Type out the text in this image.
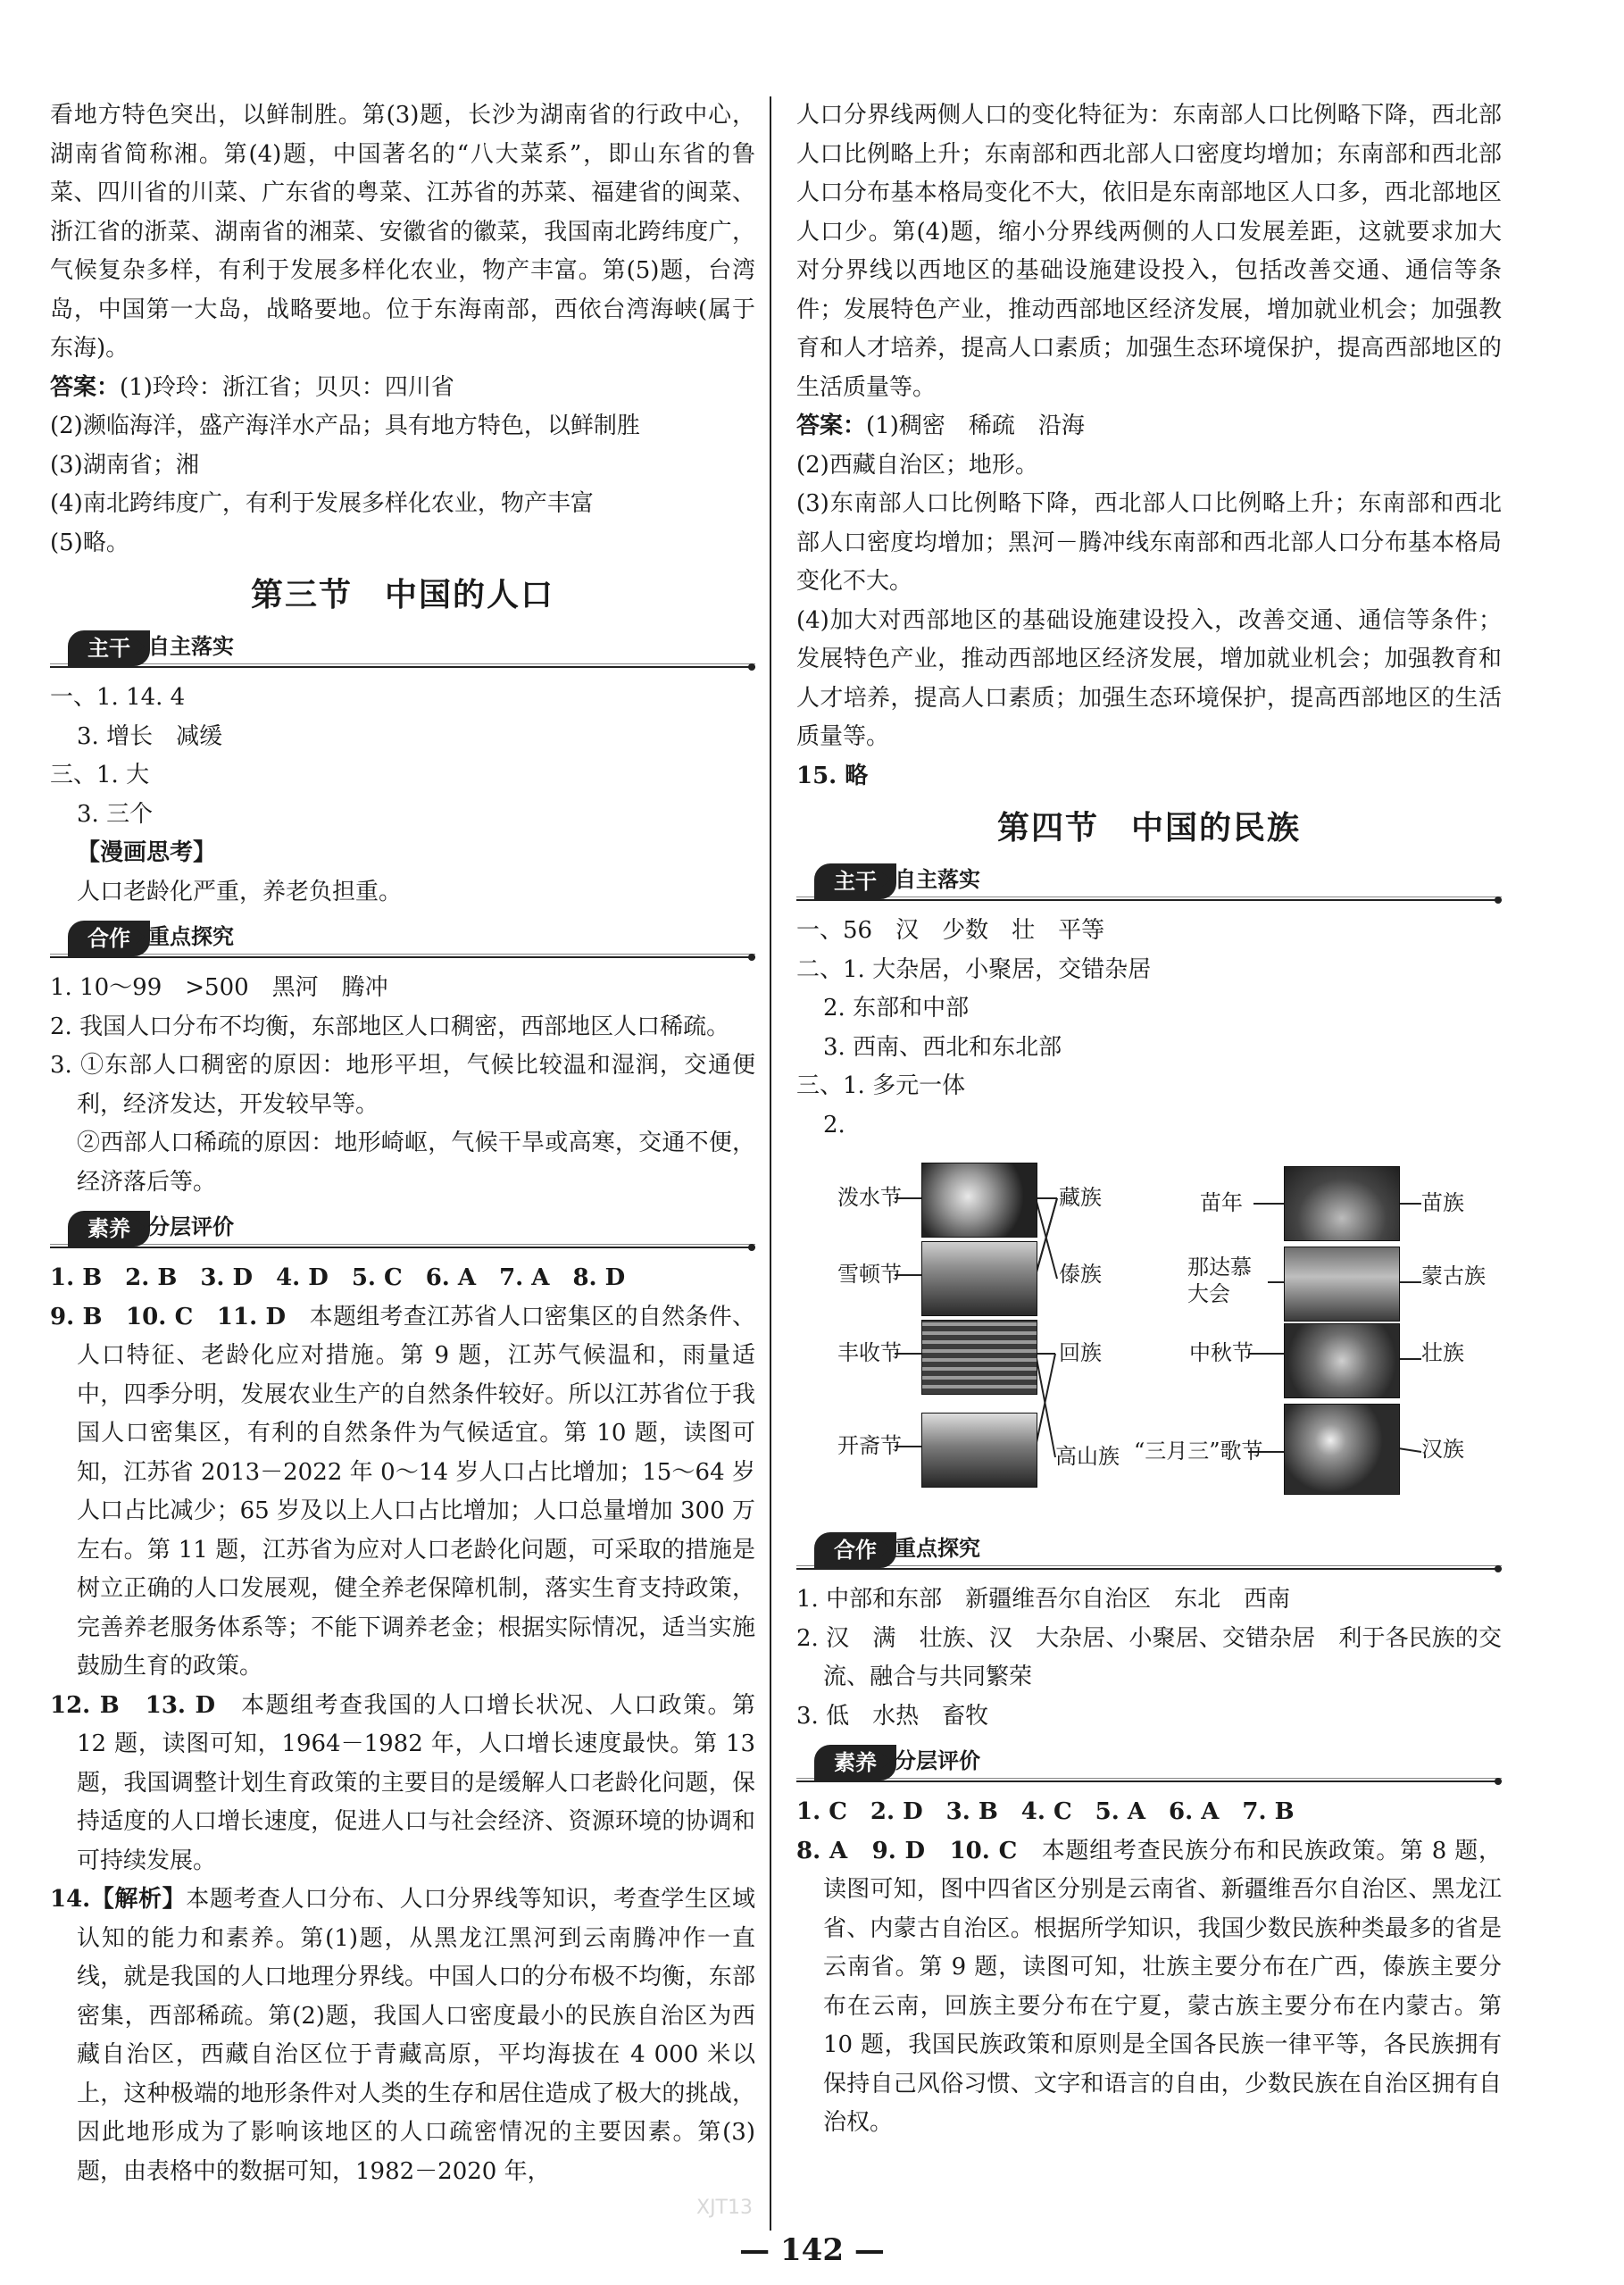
看地方特色突出，以鲜制胜。第(3)题，长沙为湖南省的行政中心，湖南省简称湘。第(4)题，中国著名的“八大菜系”，即山东省的鲁菜、四川省的川菜、广东省的粤菜、江苏省的苏菜、福建省的闽菜、浙江省的浙菜、湖南省的湘菜、安徽省的徽菜，我国南北跨纬度广，气候复杂多样，有利于发展多样化农业，物产丰富。第(5)题，台湾岛，中国第一大岛，战略要地。位于东海南部，西依台湾海峡(属于东海)。

答案：(1)玲玲：浙江省；贝贝：四川省

(2)濒临海洋，盛产海洋水产品；具有地方特色，以鲜制胜

(3)湖南省；湘

(4)南北跨纬度广，有利于发展多样化农业，物产丰富

(5)略。

第三节 中国的人口
主干 自主落实

一、1. 14. 4

3. 增长　减缓

三、1. 大

3. 三个

【漫画思考】

人口老龄化严重，养老负担重。

合作 重点探究

1. 10～99　>500　黑河　腾冲

2. 我国人口分布不均衡，东部地区人口稠密，西部地区人口稀疏。

3. ①东部人口稠密的原因：地形平坦，气候比较温和湿润，交通便利，经济发达，开发较早等。

②西部人口稀疏的原因：地形崎岖，气候干旱或高寒，交通不便，经济落后等。

素养 分层评价

1. B　2. B　3. D　4. D　5. C　6. A　7. A　8. D

9. B　10. C　11. D　 本题组考查江苏省人口密集区的自然条件、人口特征、老龄化应对措施。第 9 题，江苏气候温和，雨量适中，四季分明，发展农业生产的自然条件较好。所以江苏省位于我国人口密集区，有利的自然条件为气候适宜。第 10 题，读图可知，江苏省 2013－2022 年 0～14 岁人口占比增加；15～64 岁人口占比减少；65 岁及以上人口占比增加；人口总量增加 300 万左右。第 11 题，江苏省为应对人口老龄化问题，可采取的措施是树立正确的人口发展观，健全养老保障机制，落实生育支持政策，完善养老服务体系等；不能下调养老金；根据实际情况，适当实施鼓励生育的政策。

12. B　13. D　 本题组考查我国的人口增长状况、人口政策。第 12 题，读图可知，1964－1982 年，人口增长速度最快。第 13 题，我国调整计划生育政策的主要目的是缓解人口老龄化问题，保持适度的人口增长速度，促进人口与社会经济、资源环境的协调和可持续发展。

14.【解析】本题考查人口分布、人口分界线等知识，考查学生区域认知的能力和素养。第(1)题，从黑龙江黑河到云南腾冲作一直线，就是我国的人口地理分界线。中国人口的分布极不均衡，东部密集，西部稀疏。第(2)题，我国人口密度最小的民族自治区为西藏自治区，西藏自治区位于青藏高原，平均海拔在 4 000 米以上，这种极端的地形条件对人类的生存和居住造成了极大的挑战，因此地形成为了影响该地区的人口疏密情况的主要因素。第(3)题，由表格中的数据可知，1982－2020 年，

人口分界线两侧人口的变化特征为：东南部人口比例略下降，西北部人口比例略上升；东南部和西北部人口密度均增加；东南部和西北部人口分布基本格局变化不大，依旧是东南部地区人口多，西北部地区人口少。第(4)题，缩小分界线两侧的人口发展差距，这就要求加大对分界线以西地区的基础设施建设投入，包括改善交通、通信等条件；发展特色产业，推动西部地区经济发展，增加就业机会；加强教育和人才培养，提高人口素质；加强生态环境保护，提高西部地区的生活质量等。

答案：(1)稠密　稀疏　沿海

(2)西藏自治区；地形。

(3)东南部人口比例略下降，西北部人口比例略上升；东南部和西北部人口密度均增加；黑河－腾冲线东南部和西北部人口分布基本格局变化不大。

(4)加大对西部地区的基础设施建设投入，改善交通、通信等条件；发展特色产业，推动西部地区经济发展，增加就业机会；加强教育和人才培养，提高人口素质；加强生态环境保护，提高西部地区的生活质量等。

15. 略

第四节 中国的民族
主干 自主落实

一、56　汉　少数　壮　平等

二、1. 大杂居，小聚居，交错杂居

2. 东部和中部

3. 西南、西北和东北部

三、1. 多元一体

2.

泼水节
雪顿节
丰收节
开斋节
藏族
傣族
回族
高山族
苗年
那达慕大会
中秋节
“三月三”歌节
苗族
蒙古族
壮族
汉族
合作 重点探究

1. 中部和东部　新疆维吾尔自治区　东北　西南

2. 汉　满　壮族、汉　大杂居、小聚居、交错杂居　利于各民族的交流、融合与共同繁荣

3. 低　水热　畜牧

素养 分层评价

1. C　2. D　3. B　4. C　5. A　6. A　7. B

8. A　9. D　10. C　 本题组考查民族分布和民族政策。第 8 题，读图可知，图中四省区分别是云南省、新疆维吾尔自治区、黑龙江省、内蒙古自治区。根据所学知识，我国少数民族种类最多的省是云南省。第 9 题，读图可知，壮族主要分布在广西，傣族主要分布在云南，回族主要分布在宁夏，蒙古族主要分布在内蒙古。第 10 题，我国民族政策和原则是全国各民族一律平等，各民族拥有保持自己风俗习惯、文字和语言的自由，少数民族在自治区拥有自治权。

XJT13
— 142 —
